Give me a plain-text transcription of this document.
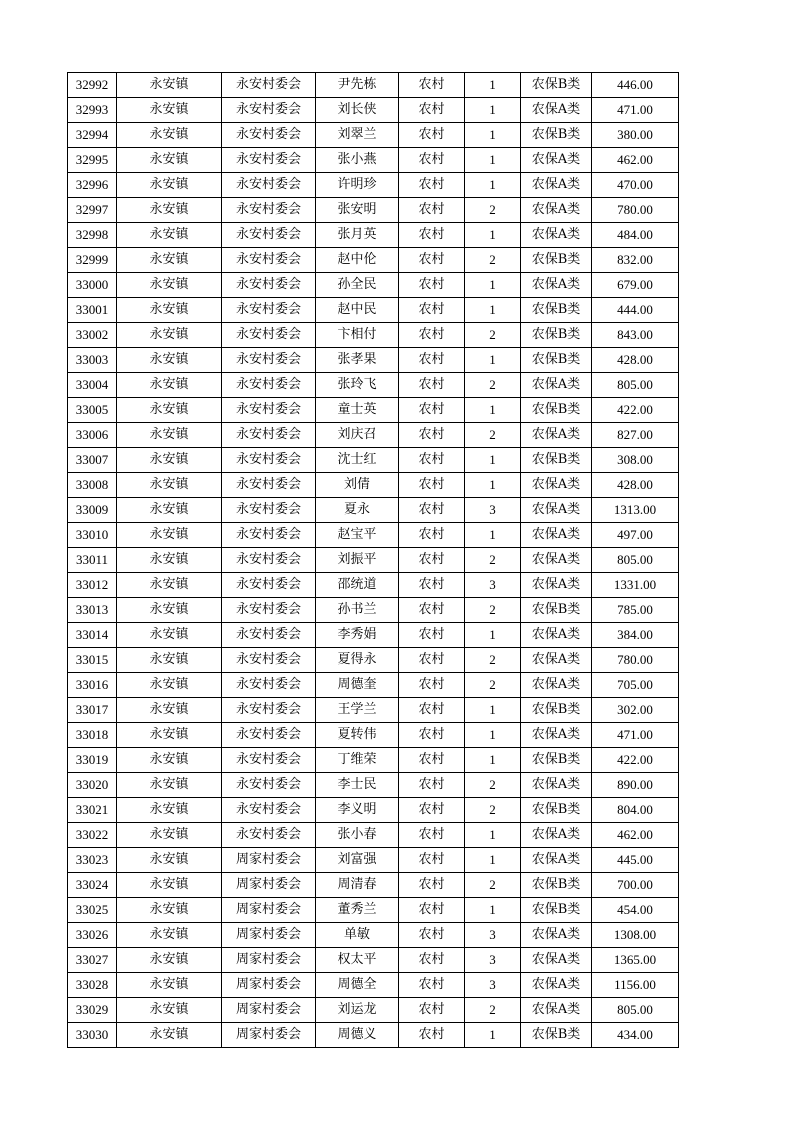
32992	永安镇	永安村委会	尹先栋	农村	1	农保B类	446.00
32993	永安镇	永安村委会	刘长侠	农村	1	农保A类	471.00
32994	永安镇	永安村委会	刘翠兰	农村	1	农保B类	380.00
32995	永安镇	永安村委会	张小燕	农村	1	农保A类	462.00
32996	永安镇	永安村委会	许明珍	农村	1	农保A类	470.00
32997	永安镇	永安村委会	张安明	农村	2	农保A类	780.00
32998	永安镇	永安村委会	张月英	农村	1	农保A类	484.00
32999	永安镇	永安村委会	赵中伦	农村	2	农保B类	832.00
33000	永安镇	永安村委会	孙全民	农村	1	农保A类	679.00
33001	永安镇	永安村委会	赵中民	农村	1	农保B类	444.00
33002	永安镇	永安村委会	卞相付	农村	2	农保B类	843.00
33003	永安镇	永安村委会	张孝果	农村	1	农保B类	428.00
33004	永安镇	永安村委会	张玲飞	农村	2	农保A类	805.00
33005	永安镇	永安村委会	童士英	农村	1	农保B类	422.00
33006	永安镇	永安村委会	刘庆召	农村	2	农保A类	827.00
33007	永安镇	永安村委会	沈士红	农村	1	农保B类	308.00
33008	永安镇	永安村委会	刘倩	农村	1	农保A类	428.00
33009	永安镇	永安村委会	夏永	农村	3	农保A类	1313.00
33010	永安镇	永安村委会	赵宝平	农村	1	农保A类	497.00
33011	永安镇	永安村委会	刘振平	农村	2	农保A类	805.00
33012	永安镇	永安村委会	邵统道	农村	3	农保A类	1331.00
33013	永安镇	永安村委会	孙书兰	农村	2	农保B类	785.00
33014	永安镇	永安村委会	李秀娟	农村	1	农保A类	384.00
33015	永安镇	永安村委会	夏得永	农村	2	农保A类	780.00
33016	永安镇	永安村委会	周德奎	农村	2	农保A类	705.00
33017	永安镇	永安村委会	王学兰	农村	1	农保B类	302.00
33018	永安镇	永安村委会	夏转伟	农村	1	农保A类	471.00
33019	永安镇	永安村委会	丁维荣	农村	1	农保B类	422.00
33020	永安镇	永安村委会	李士民	农村	2	农保A类	890.00
33021	永安镇	永安村委会	李义明	农村	2	农保B类	804.00
33022	永安镇	永安村委会	张小春	农村	1	农保A类	462.00
33023	永安镇	周家村委会	刘富强	农村	1	农保A类	445.00
33024	永安镇	周家村委会	周清春	农村	2	农保B类	700.00
33025	永安镇	周家村委会	董秀兰	农村	1	农保B类	454.00
33026	永安镇	周家村委会	单敏	农村	3	农保A类	1308.00
33027	永安镇	周家村委会	权太平	农村	3	农保A类	1365.00
33028	永安镇	周家村委会	周德全	农村	3	农保A类	1156.00
33029	永安镇	周家村委会	刘运龙	农村	2	农保A类	805.00
33030	永安镇	周家村委会	周德义	农村	1	农保B类	434.00
